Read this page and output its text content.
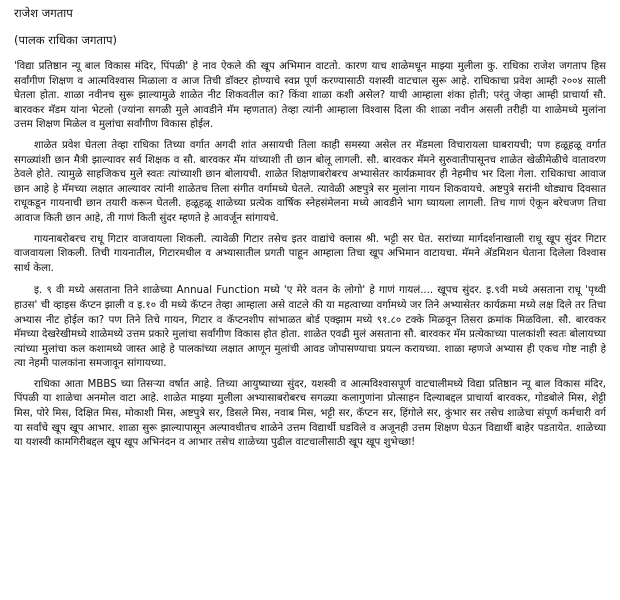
राजेश जगताप
(पालक राधिका जगताप)

'विद्या प्रतिष्ठान न्यू बाल विकास मंदिर, पिंपळी' हे नाव ऐकले की खूप अभिमान वाटतो. कारण याच शाळेमधून माझ्या मुलीला कु. राधिका राजेश जगताप हिस सर्वांगीण शिक्षण व आत्मविश्वास मिळाला व आज तिची डॉक्टर होण्याचे स्वप्न पूर्ण करण्यासाठी यशस्वी वाटचाल सुरू आहे. राधिकाचा प्रवेश आम्ही २००४ साली घेतला होता. शाळा नवीनच सुरू झाल्यामुळे शाळेत नीट शिकवतील का? किंवा शाळा कशी असेल? याची आम्हाला शंका होती; परंतु जेव्हा आम्ही प्राचार्या सौ. बारवकर मॅडम यांना भेटलो (ज्यांना सगळी मुले आवडीने मॅम म्हणतात) तेव्हा त्यांनी आम्हाला विश्वास दिला की शाळा नवीन असली तरीही या शाळेमध्ये मुलांना उत्तम शिक्षण मिळेल व मुलांचा सर्वांगीण विकास होईल.

शाळेत प्रवेश घेतला तेव्हा राधिका तिच्या वर्गात अगदी शांत असायची तिला काही समस्या असेल तर मॅडमला विचारायला घाबरायची; पण हळूहळू वर्गात सगळ्यांशी छान मैत्री झाल्यावर सर्व शिक्षक व सौ. बारवकर मॅम यांच्याशी ती छान बोलू लागली. सौ. बारवकर मॅमने सुरुवातीपासूनच शाळेत खेळीमेळीचे वातावरण ठेवले होते. त्यामुळे साहजिकच मुले स्वतः त्यांच्याशी छान बोलायची. शाळेत शिक्षणाबरोबरच अभ्यासेतर कार्यक्रमावर ही नेहमीच भर दिला गेला. राधिकाचा आवाज छान आहे हे मॅमच्या लक्षात आल्यावर त्यांनी शाळेतच तिला संगीत वर्गामध्ये घेतले. त्यावेळी अष्टपुत्रे सर मुलांना गायन शिकवायचे. अष्टपुत्रे सरांनी थोड्याच दिवसात राधूकडून गायनाची छान तयारी करून घेतली. हळूहळू शाळेच्या प्रत्येक वार्षिक स्नेहसंमेलना मध्ये आवडीने भाग घ्यायला लागली. तिच गाणं ऐकून बरेचजण तिचा आवाज किती छान आहे, ती गाणं किती सुंदर म्हणते हे आवर्जून सांगायचे.

गायनाबरोबरच राधू गिटार वाजवायला शिकली. त्यावेळी गिटार तसेच इतर वाद्यांचे क्लास श्री. भट्टी सर घेत. सरांच्या मार्गदर्शनाखाली राधू खूप सुंदर गिटार वाजवायला शिकली. तिची गायनातील, गिटारमधील व अभ्यासातील प्रगती पाहून आम्हाला तिचा खूप अभिमान वाटायचा. मॅमने ॲडमिशन घेताना दिलेला विश्वास सार्थ केला.

इ. ९ वी मध्ये असताना तिने शाळेच्या Annual Function मध्ये 'ए मेरे वतन के लोगो' हे गाणं गायलं.... खूपच सुंदर. इ.९वी मध्ये असताना राधू 'पृथ्वी हाउस' ची व्हाइस कॅप्टन झाली व इ.१० वी मध्ये कॅप्टन तेव्हा आम्हाला असे वाटले की या महत्वाच्या वर्गामध्ये जर तिने अभ्यासेतर कार्यक्रमा मध्ये लक्ष दिले तर तिचा अभ्यास नीट होईल का? पण तिने तिचे गायन, गिटार व कॅप्टनशीप सांभाळत बोर्ड एक्झाम मध्ये ९१.८० टक्के मिळवून तिसरा क्रमांक मिळविला. सौ. बारवकर मॅमच्या देखरेखीमध्ये शाळेमध्ये उत्तम प्रकारे मुलांचा सर्वांगीण विकास होत होता. शाळेत एवढी मुलं असताना सौ. बारवकर मॅम प्रत्येकाच्या पालकांशी स्वतः बोलायच्या त्यांच्या मुलांचा कल कशामध्ये जास्त आहे हे पालकांच्या लक्षात आणून मुलांची आवड जोपासण्याचा प्रयत्न करायच्या. शाळा म्हणजे अभ्यास ही एकच गोष्ट नाही हे त्या नेहमी पालकांना समजावून सांगायच्या.

राधिका आता MBBS च्या तिसऱ्या वर्षात आहे. तिच्या आयुष्याच्या सुंदर, यशस्वी व आत्मविश्वासपूर्ण वाटचालीमध्ये विद्या प्रतिष्ठान न्यू बाल विकास मंदिर, पिंपळी या शाळेचा अनमोल वाटा आहे. शाळेत माझ्या मुलीला अभ्यासाबरोबरच सगळ्या कलागुणांना प्रोत्साहन दिल्याबद्दल प्राचार्या बारवकर, गोडबोले मिस, शेट्टी मिस, पोरे मिस, दिक्षित मिस, मोकाशी मिस, अष्टपुत्रे सर, डिसले मिस, नवाब मिस, भट्टी सर, कॅप्टन सर, हिंगोले सर, कुंभार सर तसेच शाळेचा संपूर्ण कर्मचारी वर्ग या सर्वांचे खूप खूप आभार. शाळा सुरू झाल्यापासून अल्पावधीतच शाळेने उत्तम विद्यार्थी घडविले व अजूनही उत्तम शिक्षण घेऊन विद्यार्थी बाहेर पडतायेत. शाळेच्या या यशस्वी कामगिरीबद्दल खूप खूप अभिनंदन व आभार तसेच शाळेच्या पुढील वाटचालीसाठी खूप खूप शुभेच्छा!
